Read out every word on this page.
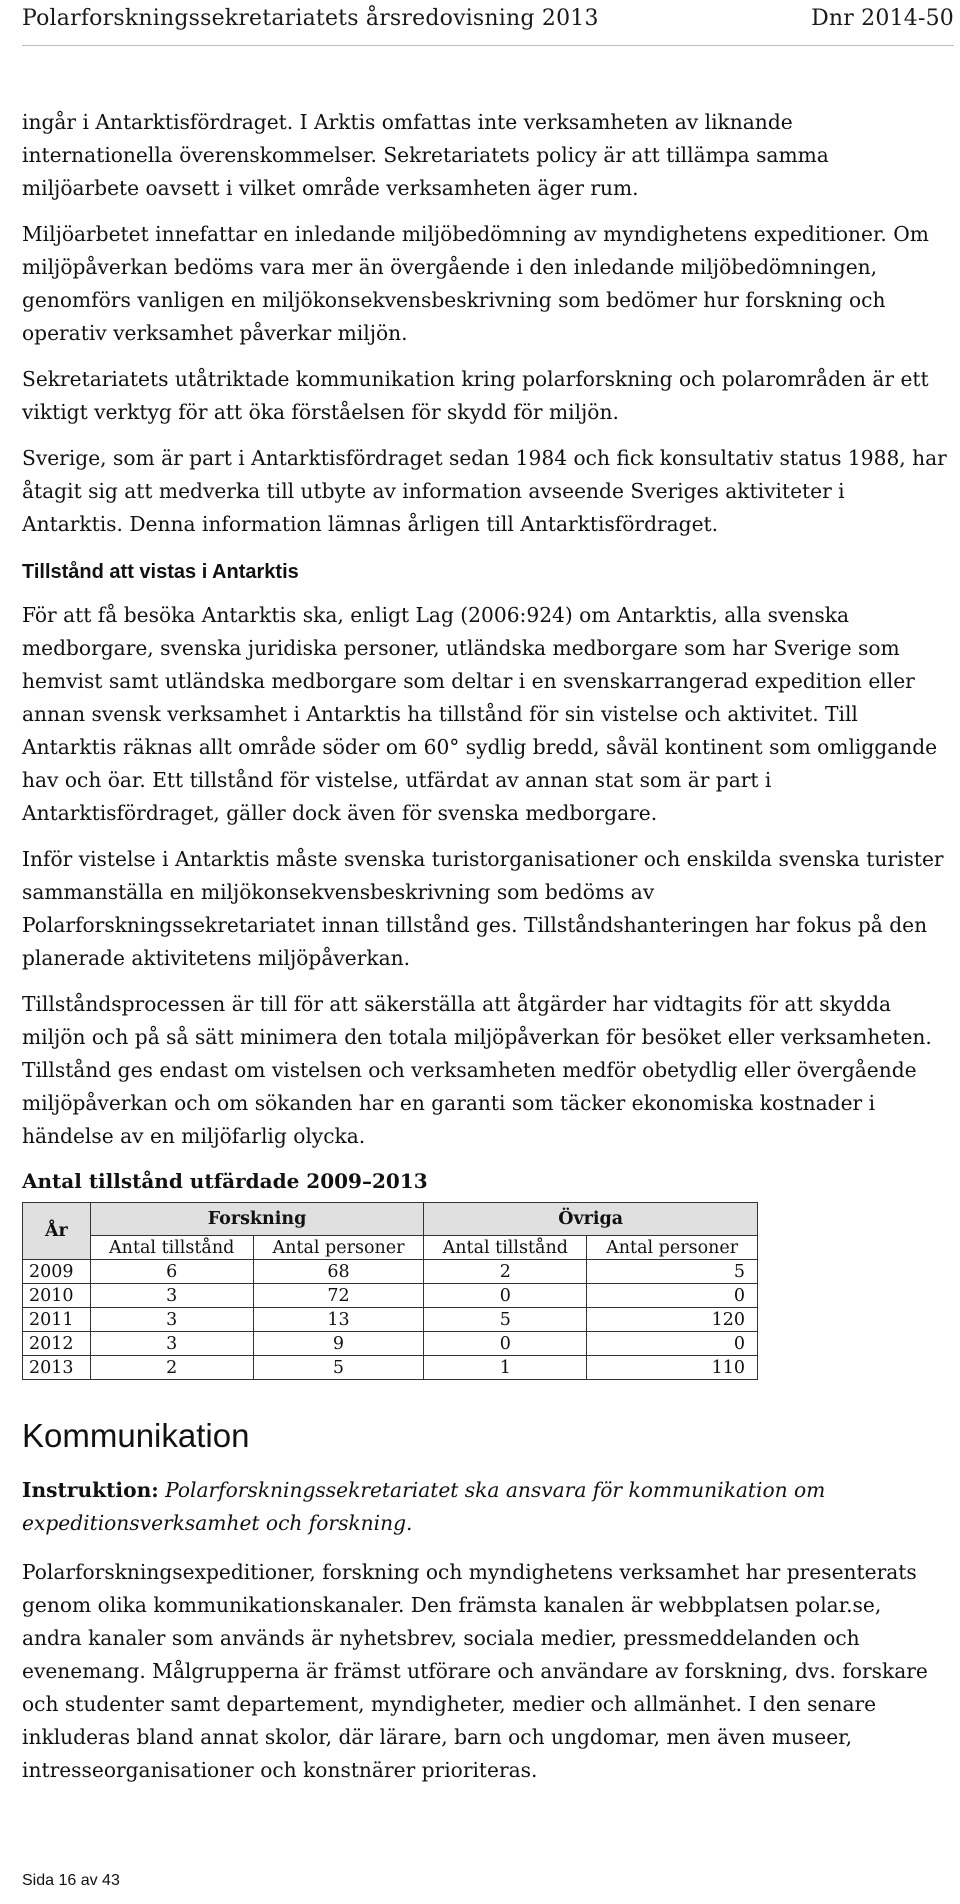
Polarforskningssekretariatets årsredovisning 2013	Dnr 2014-50

ingår i Antarktisfördraget. I Arktis omfattas inte verksamheten av liknande internationella överenskommelser. Sekretariatets policy är att tillämpa samma miljöarbete oavsett i vilket område verksamheten äger rum.

Miljöarbetet innefattar en inledande miljöbedömning av myndighetens expeditioner. Om miljöpåverkan bedöms vara mer än övergående i den inledande miljöbedömningen, genomförs vanligen en miljökonsekvensbeskrivning som bedömer hur forskning och operativ verksamhet påverkar miljön.

Sekretariatets utåtriktade kommunikation kring polarforskning och polarområden är ett viktigt verktyg för att öka förståelsen för skydd för miljön.

Sverige, som är part i Antarktisfördraget sedan 1984 och fick konsultativ status 1988, har åtagit sig att medverka till utbyte av information avseende Sveriges aktiviteter i Antarktis. Denna information lämnas årligen till Antarktisfördraget.

Tillstånd att vistas i Antarktis

För att få besöka Antarktis ska, enligt Lag (2006:924) om Antarktis, alla svenska medborgare, svenska juridiska personer, utländska medborgare som har Sverige som hemvist samt utländska medborgare som deltar i en svenskarrangerad expedition eller annan svensk verksamhet i Antarktis ha tillstånd för sin vistelse och aktivitet. Till Antarktis räknas allt område söder om 60° sydlig bredd, såväl kontinent som omliggande hav och öar. Ett tillstånd för vistelse, utfärdat av annan stat som är part i Antarktisfördraget, gäller dock även för svenska medborgare.

Inför vistelse i Antarktis måste svenska turistorganisationer och enskilda svenska turister sammanställa en miljökonsekvensbeskrivning som bedöms av Polarforskningssekretariatet innan tillstånd ges. Tillståndshanteringen har fokus på den planerade aktivitetens miljöpåverkan.

Tillståndsprocessen är till för att säkerställa att åtgärder har vidtagits för att skydda miljön och på så sätt minimera den totala miljöpåverkan för besöket eller verksamheten. Tillstånd ges endast om vistelsen och verksamheten medför obetydlig eller övergående miljöpåverkan och om sökanden har en garanti som täcker ekonomiska kostnader i händelse av en miljöfarlig olycka.

Antal tillstånd utfärdade 2009–2013
År	Forskning		Övriga	
	Antal tillstånd	Antal personer	Antal tillstånd	Antal personer
2009	6	68	2	5
2010	3	72	0	0
2011	3	13	5	120
2012	3	9	0	0
2013	2	5	1	110
Kommunikation

Instruktion: Polarforskningssekretariatet ska ansvara för kommunikation om expeditionsverksamhet och forskning.

Polarforskningsexpeditioner, forskning och myndighetens verksamhet har presenterats genom olika kommunikationskanaler. Den främsta kanalen är webbplatsen polar.se, andra kanaler som används är nyhetsbrev, sociala medier, pressmeddelanden och evenemang. Målgrupperna är främst utförare och användare av forskning, dvs. forskare och studenter samt departement, myndigheter, medier och allmänhet. I den senare inkluderas bland annat skolor, där lärare, barn och ungdomar, men även museer, intresseorganisationer och konstnärer prioriteras.

Sida 16 av 43
